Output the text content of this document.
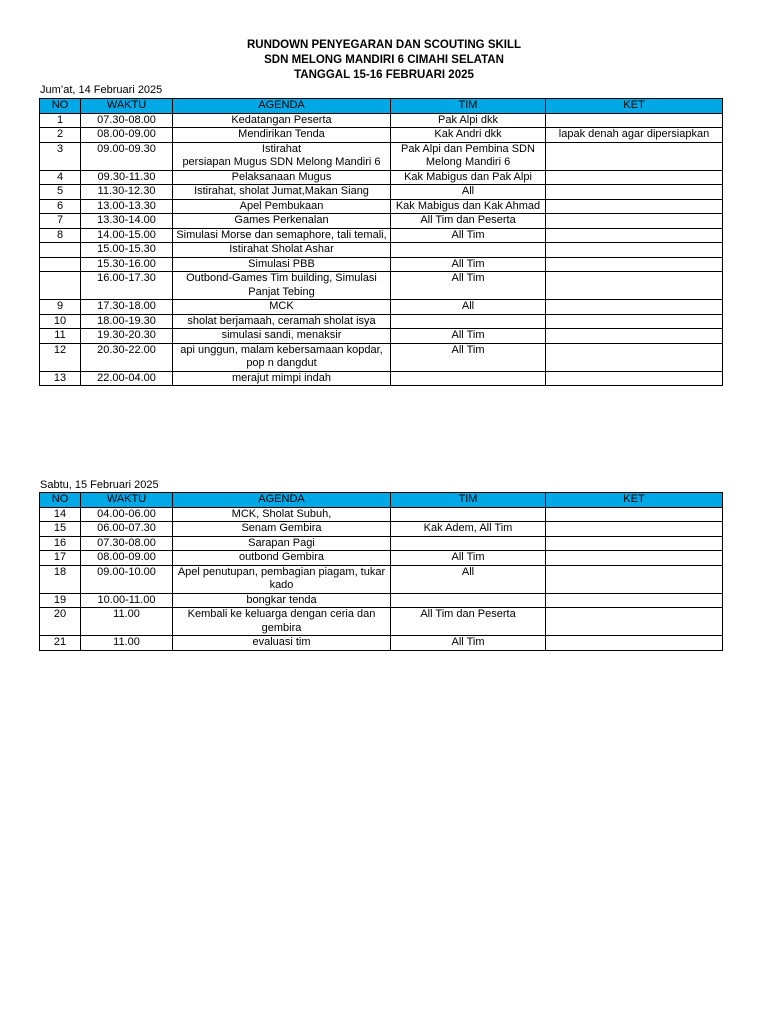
RUNDOWN PENYEGARAN DAN SCOUTING SKILL
SDN MELONG MANDIRI 6 CIMAHI SELATAN
TANGGAL 15-16 FEBRUARI 2025
Jum’at, 14 Februari 2025
NO	WAKTU	AGENDA	TIM	KET
1	07.30-08.00	Kedatangan Peserta	Pak Alpi dkk	
2	08.00-09.00	Mendirikan Tenda	Kak Andri dkk	lapak denah agar dipersiapkan
3	09.00-09.30	Istirahat
persiapan Mugus SDN Melong Mandiri 6	Pak Alpi dan Pembina SDN Melong Mandiri 6	
4	09.30-11.30	Pelaksanaan Mugus	Kak Mabigus dan Pak Alpi	
5	11.30-12.30	Istirahat, sholat Jumat,Makan Siang	All	
6	13.00-13.30	Apel Pembukaan	Kak Mabigus dan Kak Ahmad	
7	13.30-14.00	Games Perkenalan	All Tim dan Peserta	
8	14.00-15.00	Simulasi Morse dan semaphore, tali temali,	All Tim	
	15.00-15.30	Istirahat Sholat Ashar		
	15.30-16.00	Simulasi PBB	All Tim	
	16.00-17.30	Outbond-Games Tim building, Simulasi Panjat Tebing	All Tim	
9	17.30-18.00	MCK	All	
10	18.00-19.30	sholat berjamaah, ceramah sholat isya		
11	19.30-20.30	simulasi sandi, menaksir	All Tim	
12	20.30-22.00	api unggun, malam kebersamaan kopdar, pop n dangdut	All Tim	
13	22.00-04.00	merajut mimpi indah		
Sabtu, 15 Februari 2025
NO	WAKTU	AGENDA	TIM	KET
14	04.00-06.00	MCK, Sholat Subuh,		
15	06.00-07.30	Senam Gembira	Kak Adem, All Tim	
16	07.30-08.00	Sarapan Pagi		
17	08.00-09.00	outbond Gembira	All Tim	
18	09.00-10.00	Apel penutupan, pembagian piagam, tukar kado	All	
19	10.00-11.00	bongkar tenda		
20	11.00	Kembali ke keluarga dengan ceria dan gembira	All Tim dan Peserta	
21	11.00	evaluasi tim	All Tim	
